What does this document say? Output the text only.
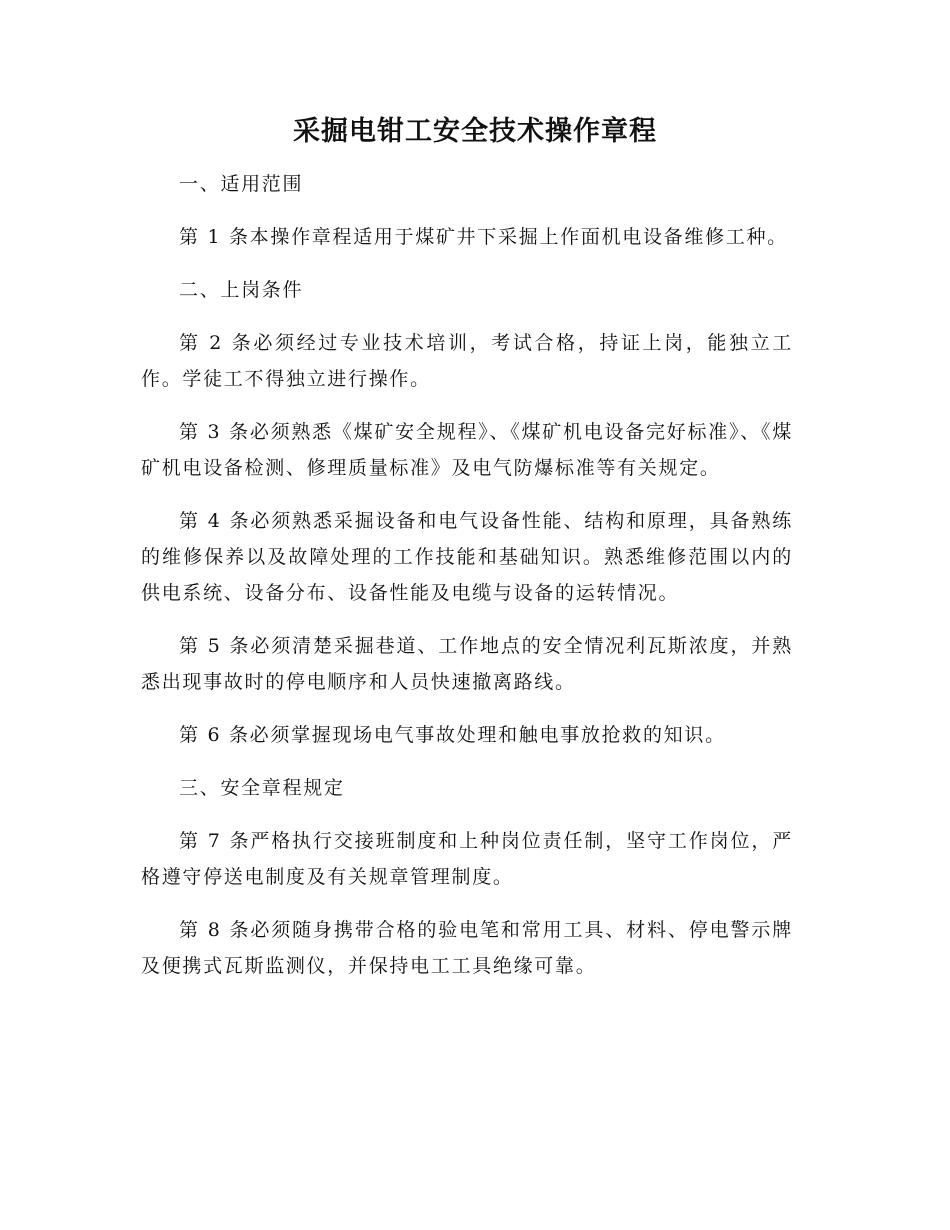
采掘电钳工安全技术操作章程

一、适用范围

第 1 条本操作章程适用于煤矿井下采掘上作面机电设备维修工种。

二、上岗条件

第 2 条必须经过专业技术培训，考试合格，持证上岗，能独立工作。学徒工不得独立进行操作。

第 3 条必须熟悉《煤矿安全规程》、《煤矿机电设备完好标准》、《煤矿机电设备检测、修理质量标准》及电气防爆标准等有关规定。

第 4 条必须熟悉采掘设备和电气设备性能、结构和原理，具备熟练的维修保养以及故障处理的工作技能和基础知识。熟悉维修范围以内的供电系统、设备分布、设备性能及电缆与设备的运转情况。

第 5 条必须清楚采掘巷道、工作地点的安全情况利瓦斯浓度，并熟悉出现事故时的停电顺序和人员快速撤离路线。

第 6 条必须掌握现场电气事故处理和触电事放抢救的知识。

三、安全章程规定

第 7 条严格执行交接班制度和上种岗位责任制，坚守工作岗位，严格遵守停送电制度及有关规章管理制度。

第 8 条必须随身携带合格的验电笔和常用工具、材料、停电警示牌及便携式瓦斯监测仪，并保持电工工具绝缘可靠。
